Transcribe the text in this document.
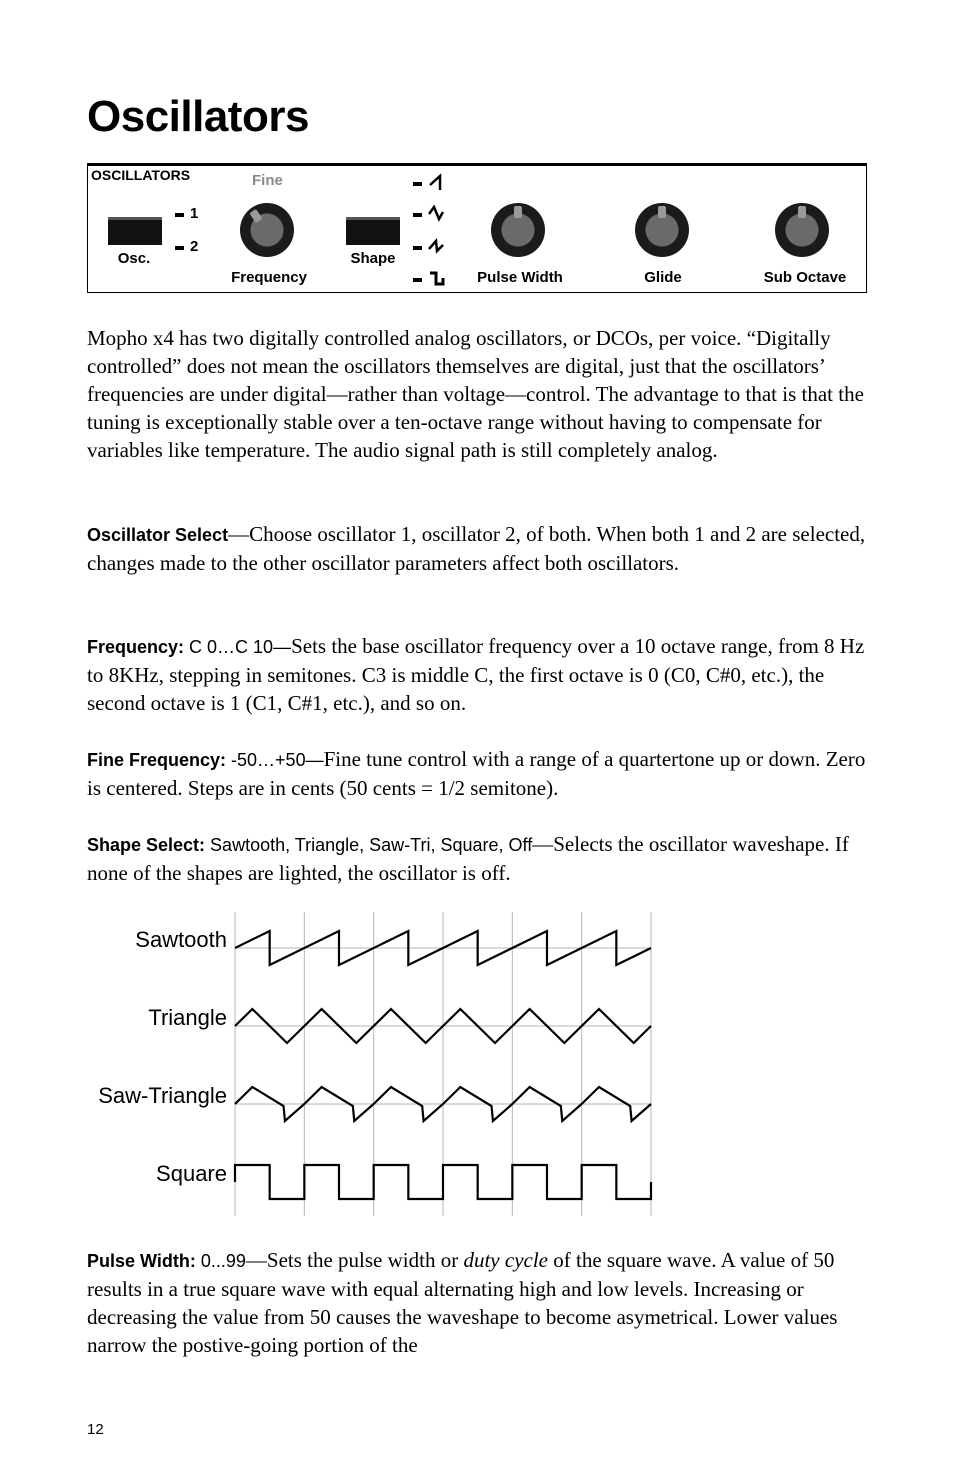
Oscillators
OSCILLATORS	Fine
Osc.
1
2
Frequency
Shape
Pulse Width	Glide	Sub Octave

Mopho x4 has two digitally controlled analog oscillators, or DCOs, per voice. “Digitally controlled” does not mean the oscillators themselves are digital, just that the oscillators’ frequencies are under digital—rather than voltage—control. The advantage to that is that the tuning is exceptionally stable over a ten-octave range without having to compensate for variables like temperature. The audio signal path is still completely analog.

Oscillator Select—Choose oscillator 1, oscillator 2, of both. When both 1 and 2 are selected, changes made to the other oscillator parameters affect both oscillators.

Frequency: C 0…C 10—Sets the base oscillator frequency over a 10 octave range, from 8 Hz to 8KHz, stepping in semitones. C3 is middle C, the first octave is 0 (C0, C#0, etc.), the second octave is 1 (C1, C#1, etc.), and so on.

Fine Frequency: -50…+50—Fine tune control with a range of a quartertone up or down. Zero is centered. Steps are in cents (50 cents = 1/2 semitone).

Shape Select: Sawtooth, Triangle, Saw-Tri, Square, Off—Selects the oscillator waveshape. If none of the shapes are lighted, the oscillator is off.

Sawtooth
Triangle
Saw-Triangle
Square

Pulse Width: 0...99—Sets the pulse width or duty cycle of the square wave. A value of 50 results in a true square wave with equal alternating high and low levels. Increasing or decreasing the value from 50 causes the waveshape to become asymetrical. Lower values narrow the postive-going portion of the

12
